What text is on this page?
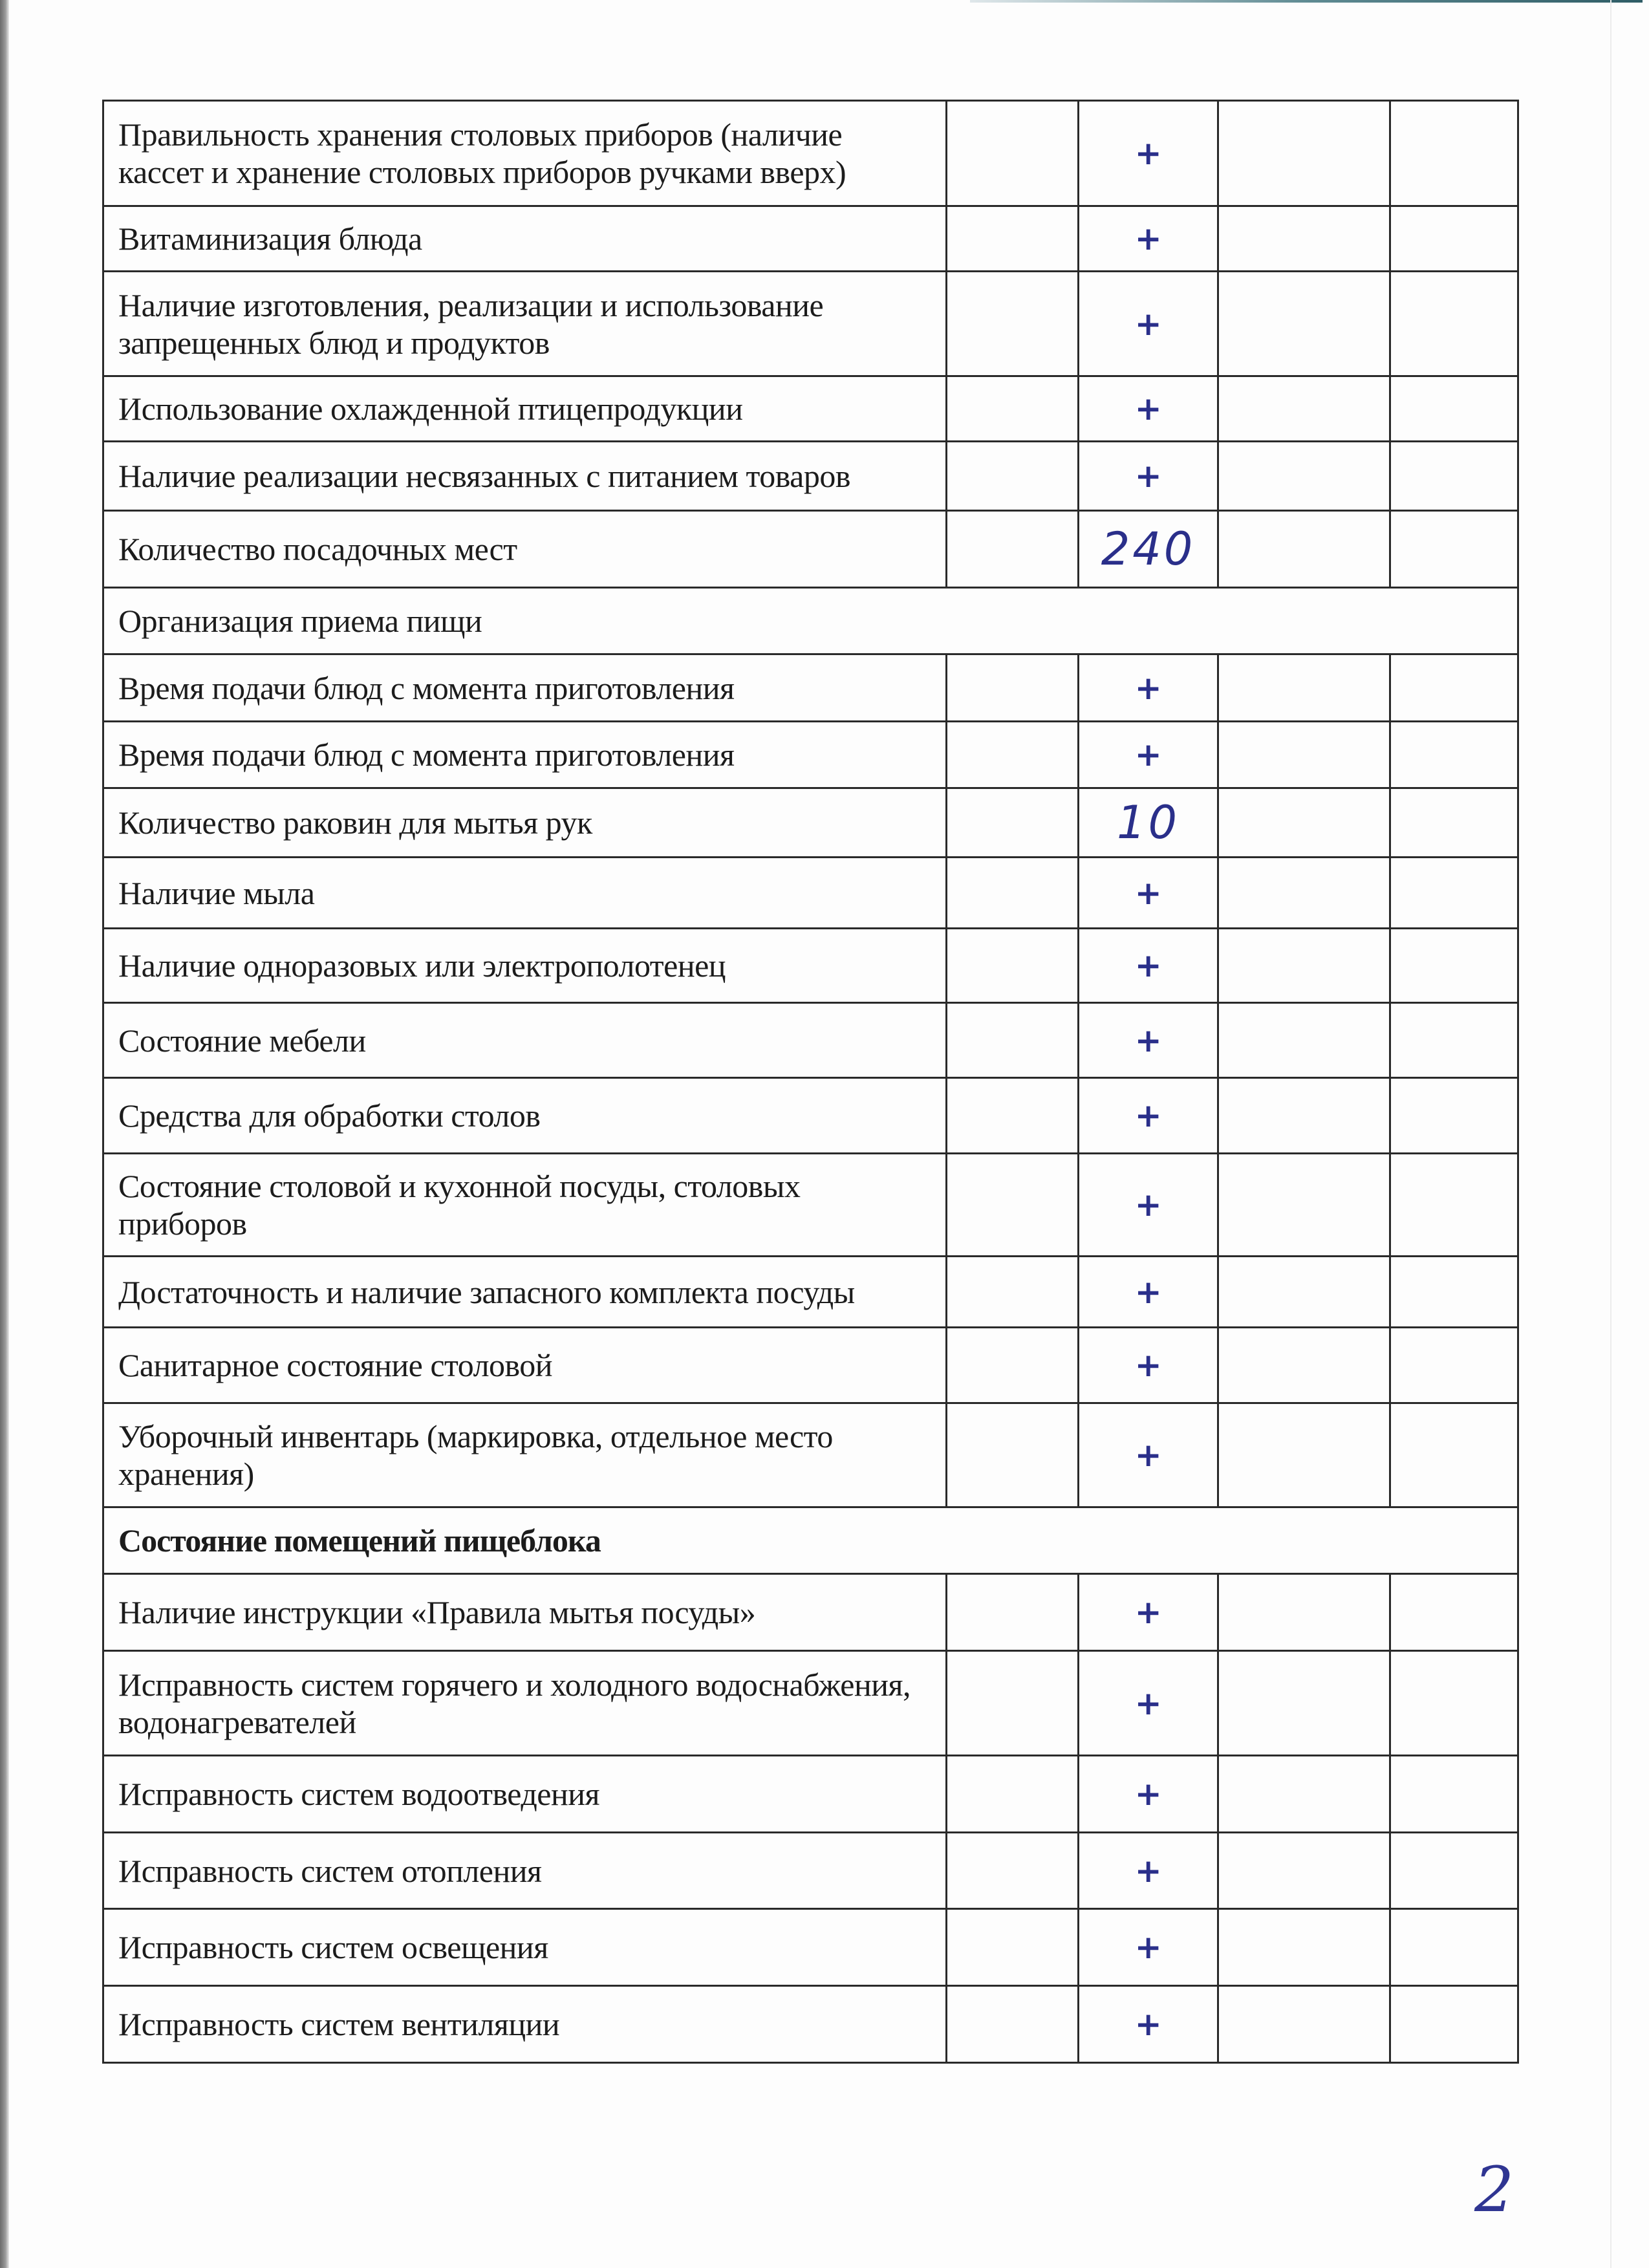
Правильность хранения столовых приборов (наличие кассет и хранение столовых приборов ручками вверх)		+		
Витаминизация блюда		+		
Наличие изготовления, реализации и использование запрещенных блюд и продуктов		+		
Использование охлажденной птицепродукции		+		
Наличие реализации несвязанных с питанием товаров		+		
Количество посадочных мест		240		
Организация приема пищи				
Время подачи блюд с момента приготовления		+		
Время подачи блюд с момента приготовления		+		
Количество раковин для мытья рук		10		
Наличие мыла		+		
Наличие одноразовых или электрополотенец		+		
Состояние мебели		+		
Средства для обработки столов		+		
Состояние столовой и кухонной посуды, столовых приборов		+		
Достаточность и наличие запасного комплекта посуды		+		
Санитарное состояние столовой		+		
Уборочный инвентарь (маркировка, отдельное место хранения)		+		
Состояние помещений пищеблока				
Наличие инструкции «Правила мытья посуды»		+		
Исправность систем горячего и холодного водоснабжения, водонагревателей		+		
Исправность систем водоотведения		+		
Исправность систем отопления		+		
Исправность систем освещения		+		
Исправность систем вентиляции		+		
2
